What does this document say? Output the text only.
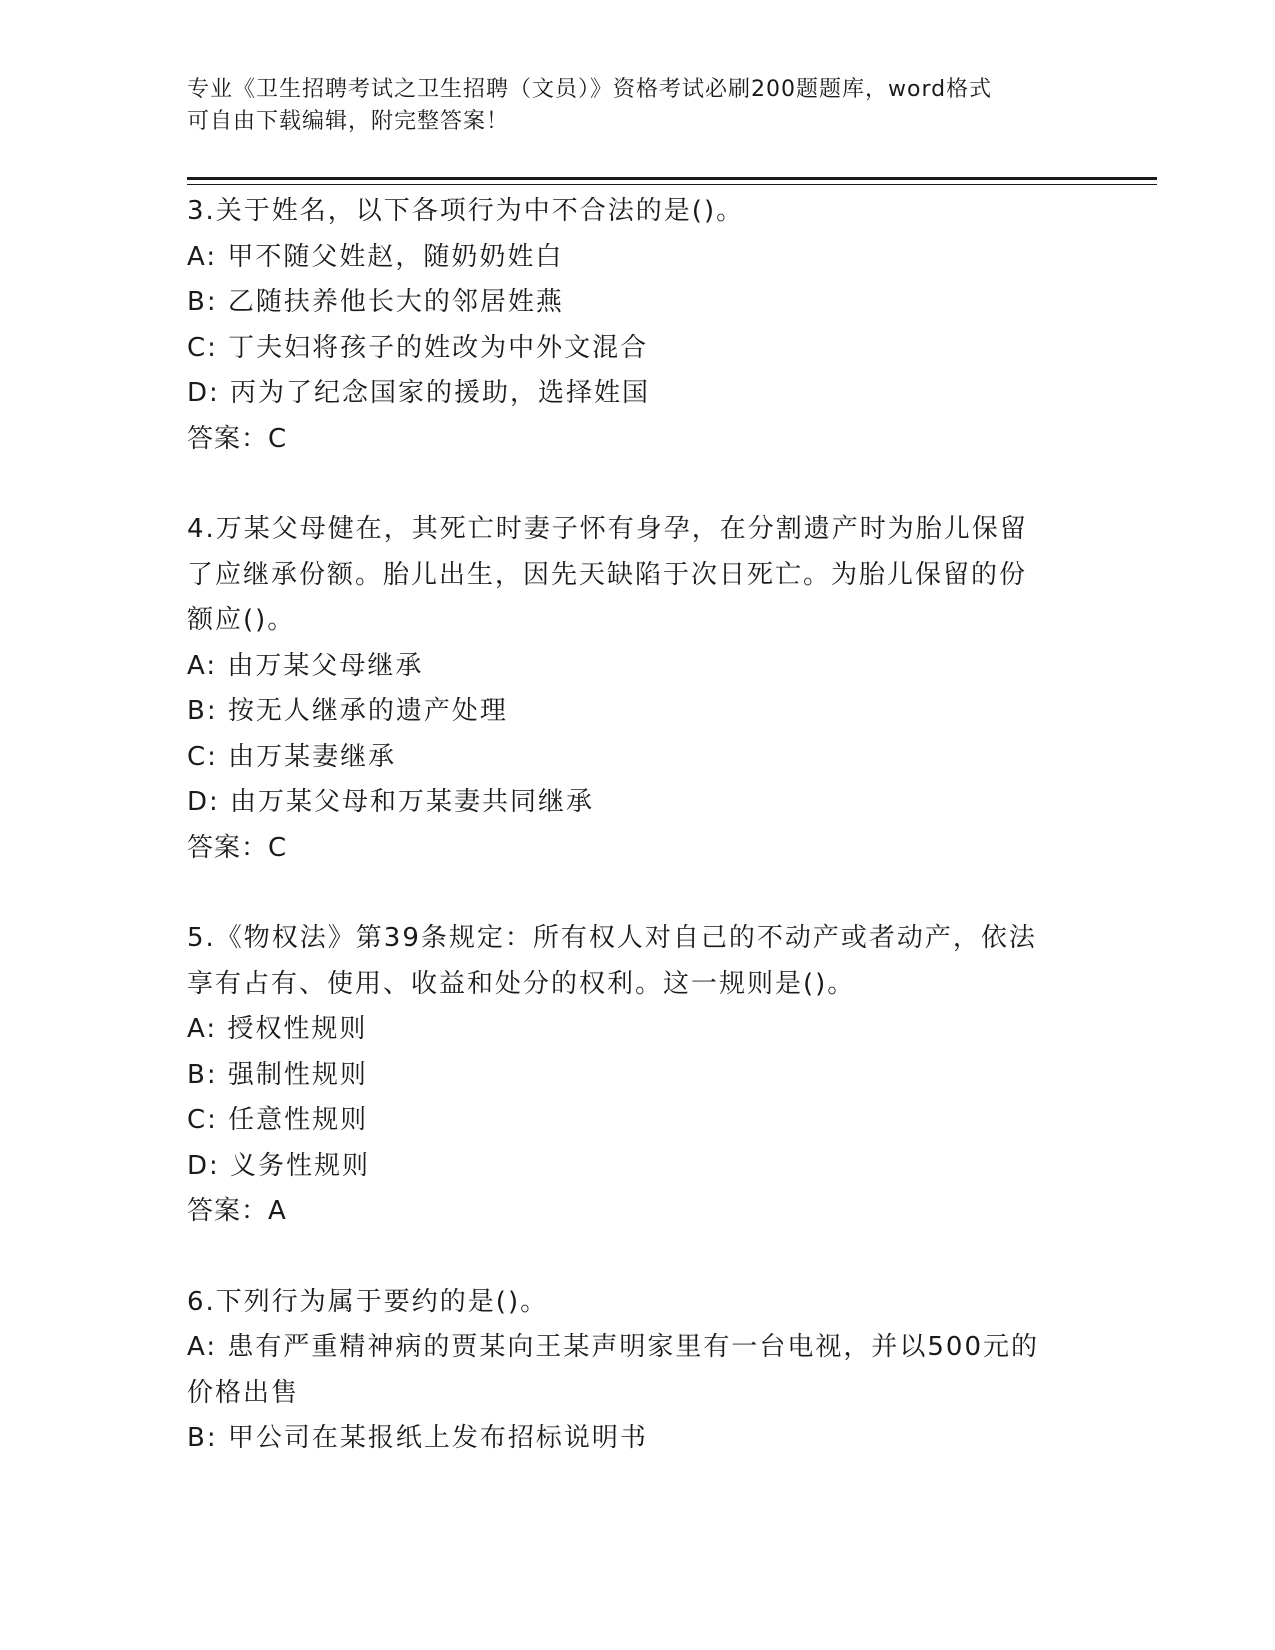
专业《卫生招聘考试之卫生招聘（文员）》资格考试必刷200题题库，word格式
可自由下载编辑，附完整答案！
3.关于姓名，以下各项行为中不合法的是()。
A: 甲不随父姓赵，随奶奶姓白
B: 乙随扶养他长大的邻居姓燕
C: 丁夫妇将孩子的姓改为中外文混合
D: 丙为了纪念国家的援助，选择姓国
答案：C
4.万某父母健在，其死亡时妻子怀有身孕，在分割遗产时为胎儿保留
了应继承份额。胎儿出生，因先天缺陷于次日死亡。为胎儿保留的份
额应()。
A: 由万某父母继承
B: 按无人继承的遗产处理
C: 由万某妻继承
D: 由万某父母和万某妻共同继承
答案：C
5.《物权法》第39条规定：所有权人对自己的不动产或者动产，依法
享有占有、使用、收益和处分的权利。这一规则是()。
A: 授权性规则
B: 强制性规则
C: 任意性规则
D: 义务性规则
答案：A
6.下列行为属于要约的是()。
A: 患有严重精神病的贾某向王某声明家里有一台电视，并以500元的
价格出售
B: 甲公司在某报纸上发布招标说明书
